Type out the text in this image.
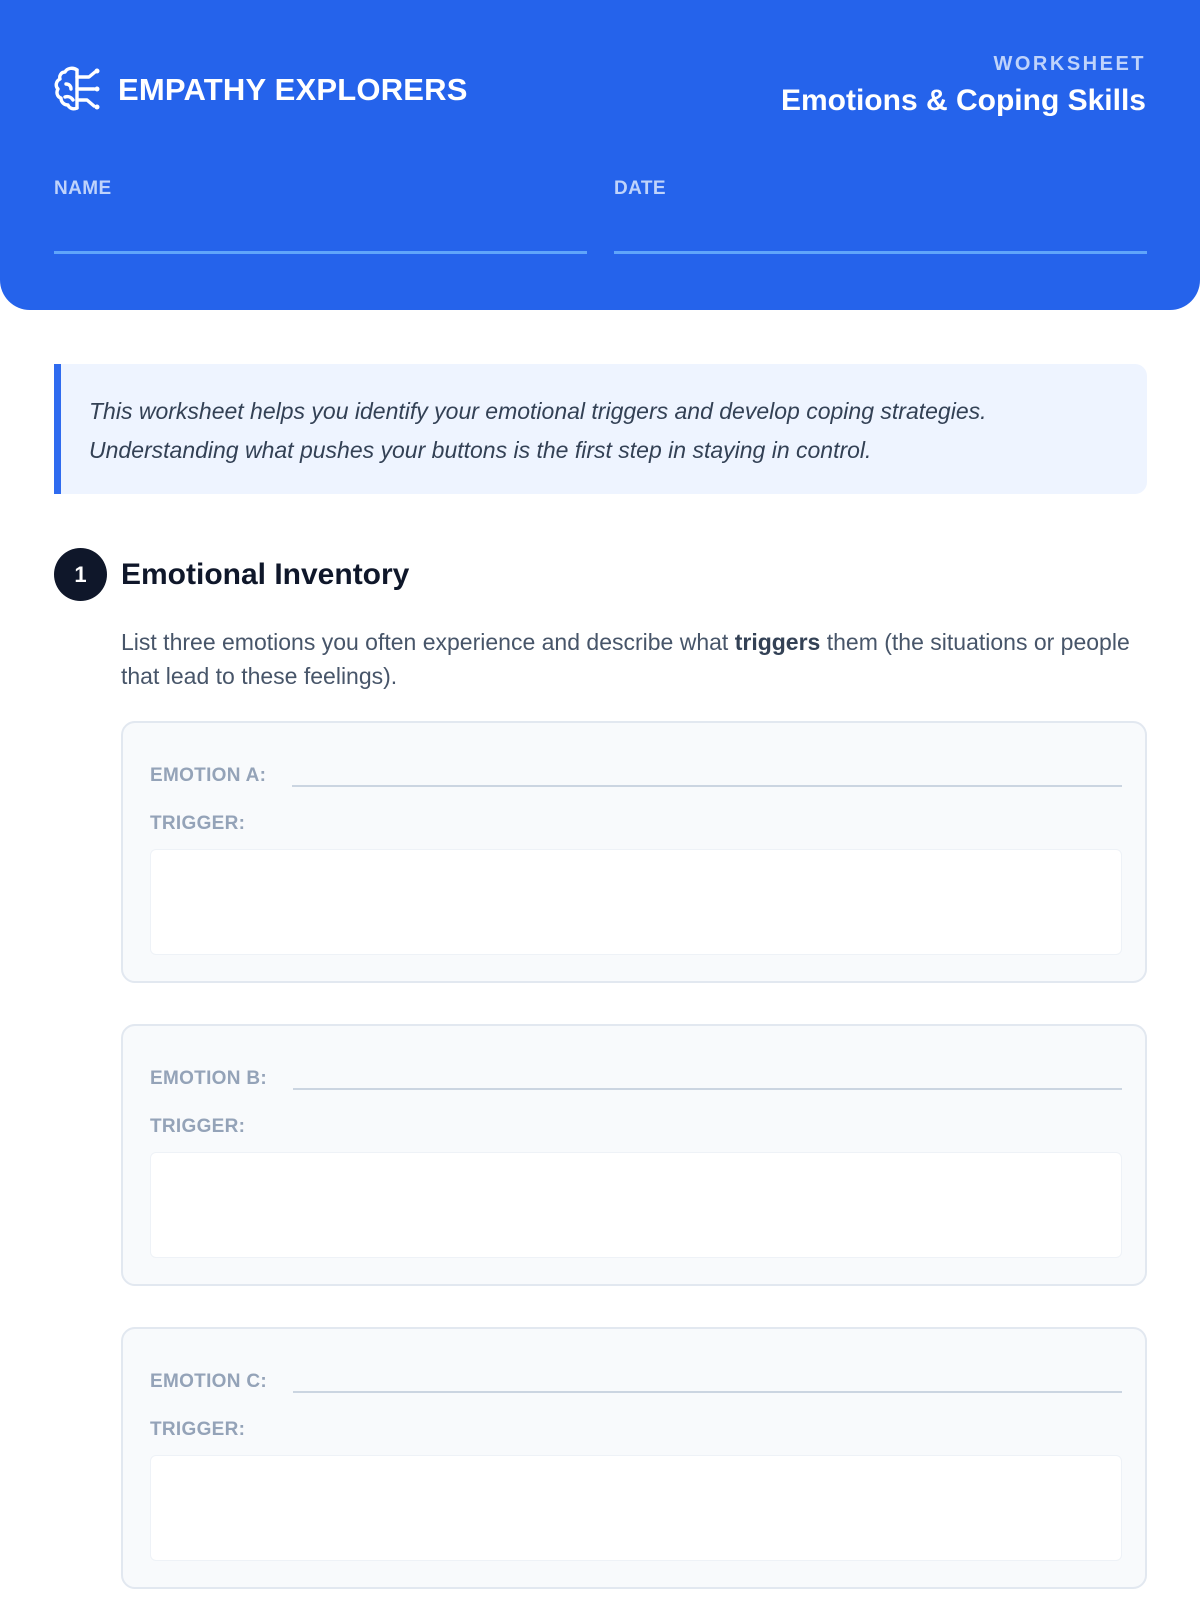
EMPATHY EXPLORERS
WORKSHEET
Emotions & Coping Skills
NAME	DATE

This worksheet helps you identify your emotional triggers and develop coping strategies.

Understanding what pushes your buttons is the first step in staying in control.

1	Emotional Inventory
List three emotions you often experience and describe what triggers them (the situations or people that lead to these feelings).
EMOTION A:
TRIGGER:
EMOTION B:
TRIGGER:
EMOTION C:
TRIGGER:
